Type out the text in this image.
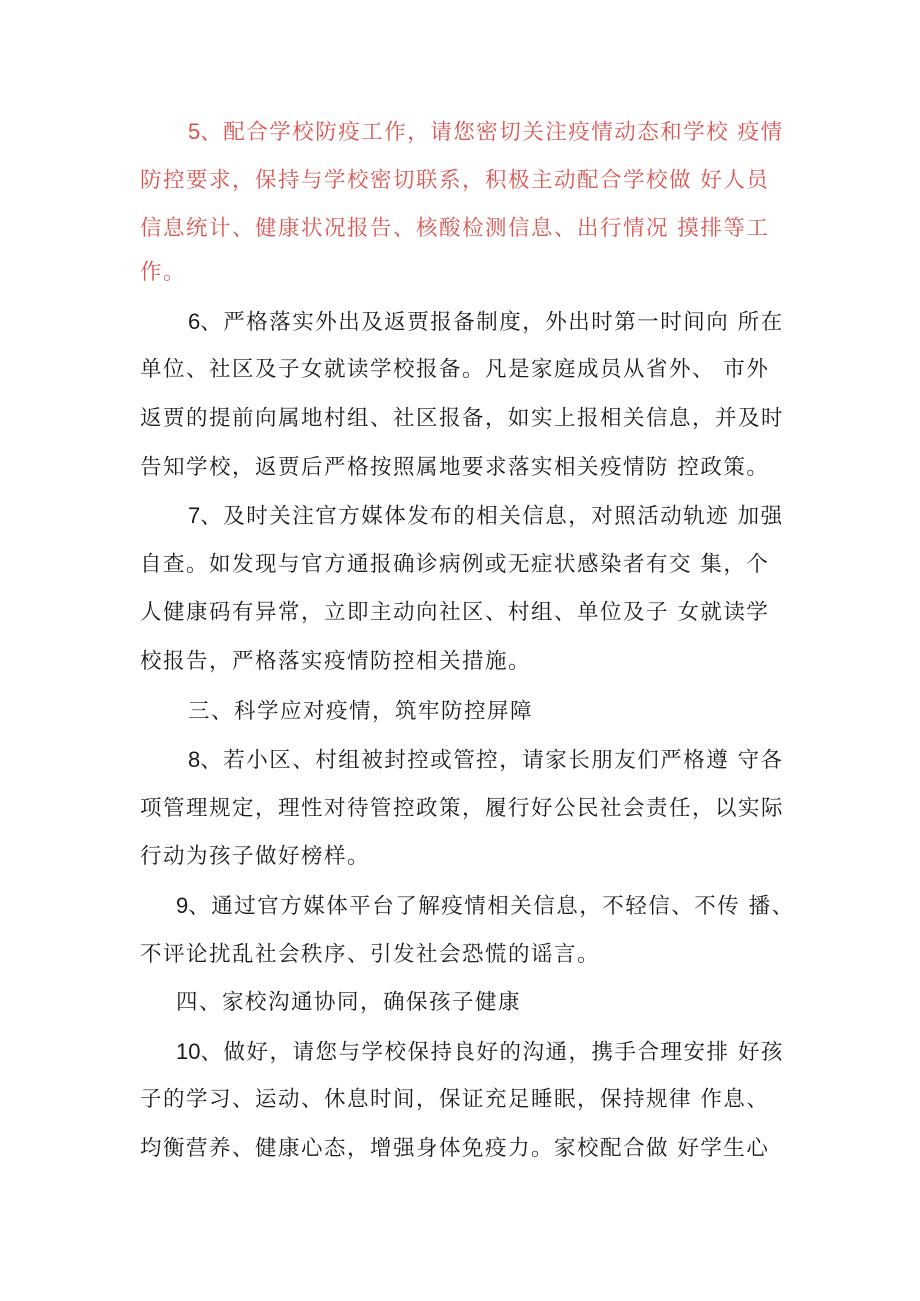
5、配合学校防疫工作，请您密切关注疫情动态和学校 疫情
防控要求，保持与学校密切联系，积极主动配合学校做 好人员
信息统计、健康状况报告、核酸检测信息、出行情况 摸排等工
作。
6、严格落实外出及返贾报备制度，外出时第一时间向 所在
单位、社区及子女就读学校报备。凡是家庭成员从省外、 市外
返贾的提前向属地村组、社区报备，如实上报相关信息，并及时
告知学校，返贾后严格按照属地要求落实相关疫情防 控政策。
7、及时关注官方媒体发布的相关信息，对照活动轨迹 加强
自查。如发现与官方通报确诊病例或无症状感染者有交 集，个
人健康码有异常，立即主动向社区、村组、单位及子 女就读学
校报告，严格落实疫情防控相关措施。
三、科学应对疫情，筑牢防控屏障
8、若小区、村组被封控或管控，请家长朋友们严格遵 守各
项管理规定，理性对待管控政策，履行好公民社会责任，以实际
行动为孩子做好榜样。
9、通过官方媒体平台了解疫情相关信息，不轻信、不传 播、
不评论扰乱社会秩序、引发社会恐慌的谣言。
四、家校沟通协同，确保孩子健康
10、做好，请您与学校保持良好的沟通，携手合理安排 好孩
子的学习、运动、休息时间，保证充足睡眠，保持规律 作息、
均衡营养、健康心态，增强身体免疫力。家校配合做 好学生心
